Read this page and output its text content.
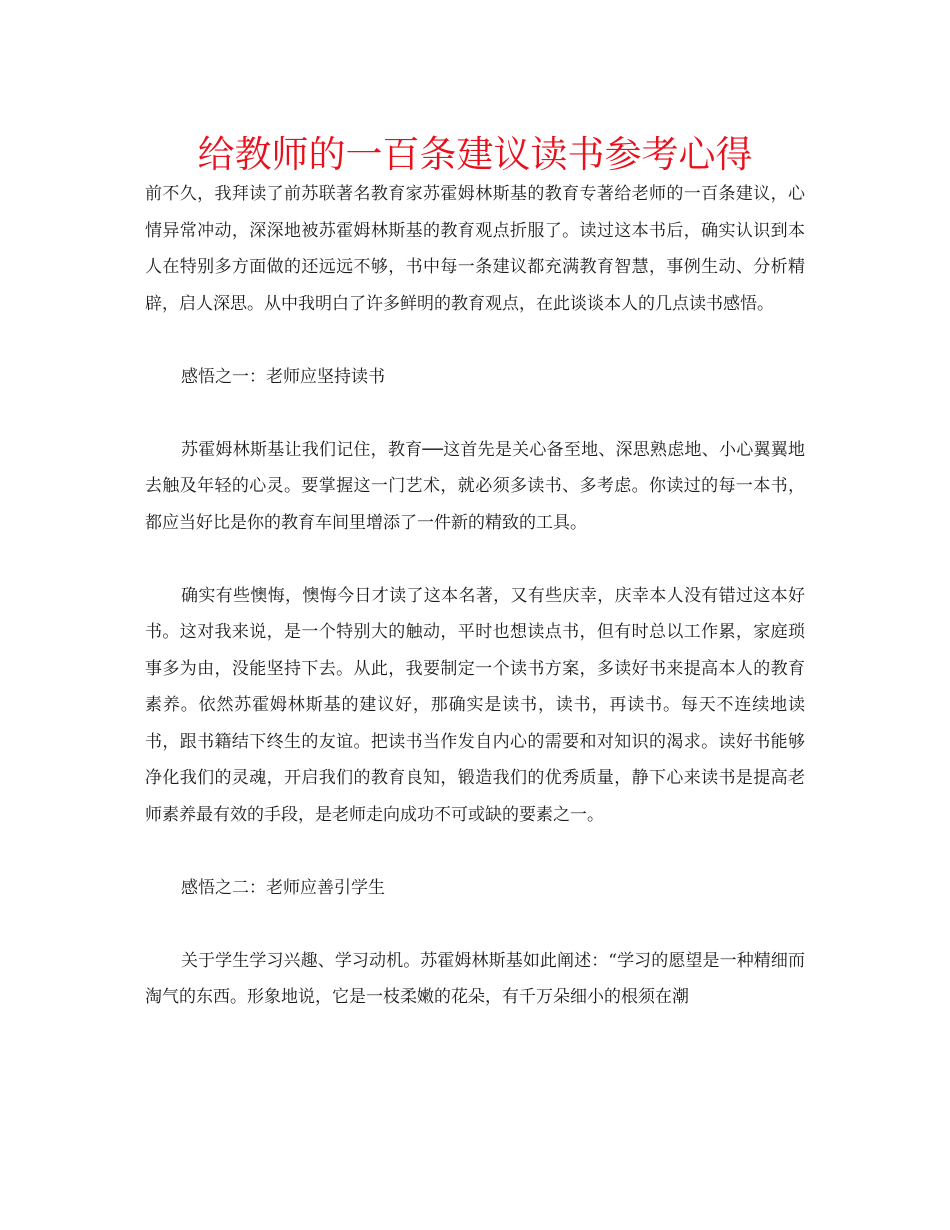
给教师的一百条建议读书参考心得

前不久，我拜读了前苏联著名教育家苏霍姆林斯基的教育专著给老师的一百条建议，心情异常冲动，深深地被苏霍姆林斯基的教育观点折服了。读过这本书后，确实认识到本人在特别多方面做的还远远不够，书中每一条建议都充满教育智慧，事例生动、分析精辟，启人深思。从中我明白了许多鲜明的教育观点，在此谈谈本人的几点读书感悟。

感悟之一：老师应坚持读书

苏霍姆林斯基让我们记住，教育──这首先是关心备至地、深思熟虑地、小心翼翼地去触及年轻的心灵。要掌握这一门艺术，就必须多读书、多考虑。你读过的每一本书，都应当好比是你的教育车间里增添了一件新的精致的工具。

确实有些懊悔，懊悔今日才读了这本名著，又有些庆幸，庆幸本人没有错过这本好书。这对我来说，是一个特别大的触动，平时也想读点书，但有时总以工作累，家庭琐事多为由，没能坚持下去。从此，我要制定一个读书方案，多读好书来提高本人的教育素养。依然苏霍姆林斯基的建议好，那确实是读书，读书，再读书。每天不连续地读书，跟书籍结下终生的友谊。把读书当作发自内心的需要和对知识的渴求。读好书能够净化我们的灵魂，开启我们的教育良知，锻造我们的优秀质量，静下心来读书是提高老师素养最有效的手段，是老师走向成功不可或缺的要素之一。

感悟之二：老师应善引学生

关于学生学习兴趣、学习动机。苏霍姆林斯基如此阐述：“学习的愿望是一种精细而淘气的东西。形象地说，它是一枝柔嫩的花朵，有千万朵细小的根须在潮
